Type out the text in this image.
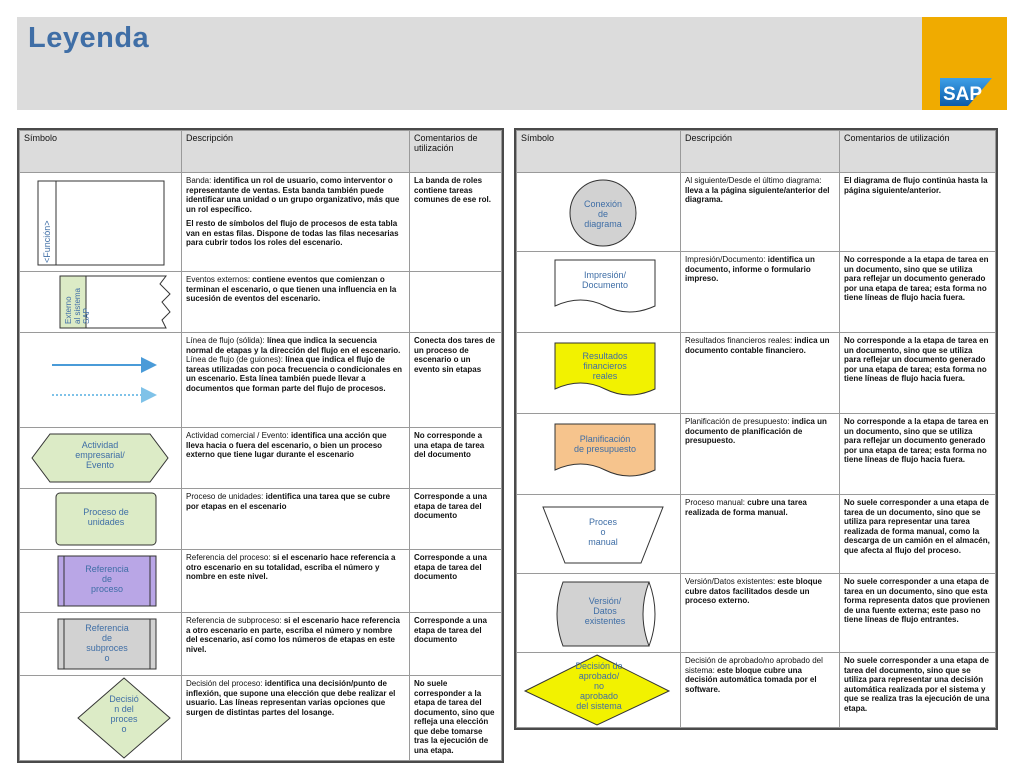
Leyenda
SAP
Símbolo	Descripción	Comentarios de utilización

<Función>	Banda: identifica un rol de usuario, como interventor o representante de ventas. Esta banda también puede identificar una unidad o un grupo organizativo, más que un rol específico.
El resto de símbolos del flujo de procesos de esta tabla van en estas filas. Dispone de todas las filas necesarias para cubrir todos los roles del escenario.	La banda de roles contiene tareas comunes de ese rol.

Externoal sistemaSAP	Eventos externos: contiene eventos que comienzan o terminan el escenario, o que tienen una influencia en la sucesión de eventos del escenario.	

	Línea de flujo (sólida): línea que indica la secuencia normal de etapas y la dirección del flujo en el escenario.
Línea de flujo (de guiones): línea que indica el flujo de tareas utilizadas con poca frecuencia o condicionales en un escenario. Esta línea también puede llevar a documentos que forman parte del flujo de procesos.	Conecta dos tares de un proceso de escenario o un evento sin etapas

Actividad empresarial/ Evento	Actividad comercial / Evento: identifica una acción que lleva hacia o fuera del escenario, o bien un proceso externo que tiene lugar durante el escenario	No corresponde a una etapa de tarea del documento

Proceso de unidades	Proceso de unidades: identifica una tarea que se cubre por etapas en el escenario	Corresponde a una etapa de tarea del documento

Referencia de proceso	Referencia del proceso: si el escenario hace referencia a otro escenario en su totalidad, escriba el número y nombre en este nivel.	Corresponde a una etapa de tarea del documento

Referencia de subproces o	Referencia de subproceso: si el escenario hace referencia a otro escenario en parte, escriba el número y nombre del escenario, así como los números de etapas en este nivel.	Corresponde a una etapa de tarea del documento

Decisió n del proces o	Decisión del proceso: identifica una decisión/punto de inflexión, que supone una elección que debe realizar el usuario. Las líneas representan varias opciones que surgen de distintas partes del losange.	No suele corresponder a la etapa de tarea del documento, sino que refleja una elección que debe tomarse tras la ejecución de una etapa.
Símbolo	Descripción	Comentarios de utilización

Conexión de diagrama	Al siguiente/Desde el último diagrama: lleva a la página siguiente/anterior del diagrama.	El diagrama de flujo continúa hasta la página siguiente/anterior.

Impresión/ Documento	Impresión/Documento: identifica un documento, informe o formulario impreso.	No corresponde a la etapa de tarea en un documento, sino que se utiliza para reflejar un documento generado por una etapa de tarea; esta forma no tiene líneas de flujo hacia fuera.

Resultados financieros reales	Resultados financieros reales: indica un documento contable financiero.	No corresponde a la etapa de tarea en un documento, sino que se utiliza para reflejar un documento generado por una etapa de tarea; esta forma no tiene líneas de flujo hacia fuera.

Planificación de presupuesto	Planificación de presupuesto: indica un documento de planificación de presupuesto.	No corresponde a la etapa de tarea en un documento, sino que se utiliza para reflejar un documento generado por una etapa de tarea; esta forma no tiene líneas de flujo hacia fuera.

Proces o manual	Proceso manual: cubre una tarea realizada de forma manual.	No suele corresponder a una etapa de tarea de un documento, sino que se utiliza para representar una tarea realizada de forma manual, como la descarga de un camión en el almacén, que afecta al flujo del proceso.

Versión/ Datos existentes	Versión/Datos existentes: este bloque cubre datos facilitados desde un proceso externo.	No suele corresponder a una etapa de tarea en un documento, sino que esta forma representa datos que provienen de una fuente externa; este paso no tiene líneas de flujo entrantes.

Decisión de aprobado/ no aprobado del sistema	Decisión de aprobado/no aprobado del sistema: este bloque cubre una decisión automática tomada por el software.	No suele corresponder a una etapa de tarea del documento, sino que se utiliza para representar una decisión automática realizada por el sistema y que se realiza tras la ejecución de una etapa.
